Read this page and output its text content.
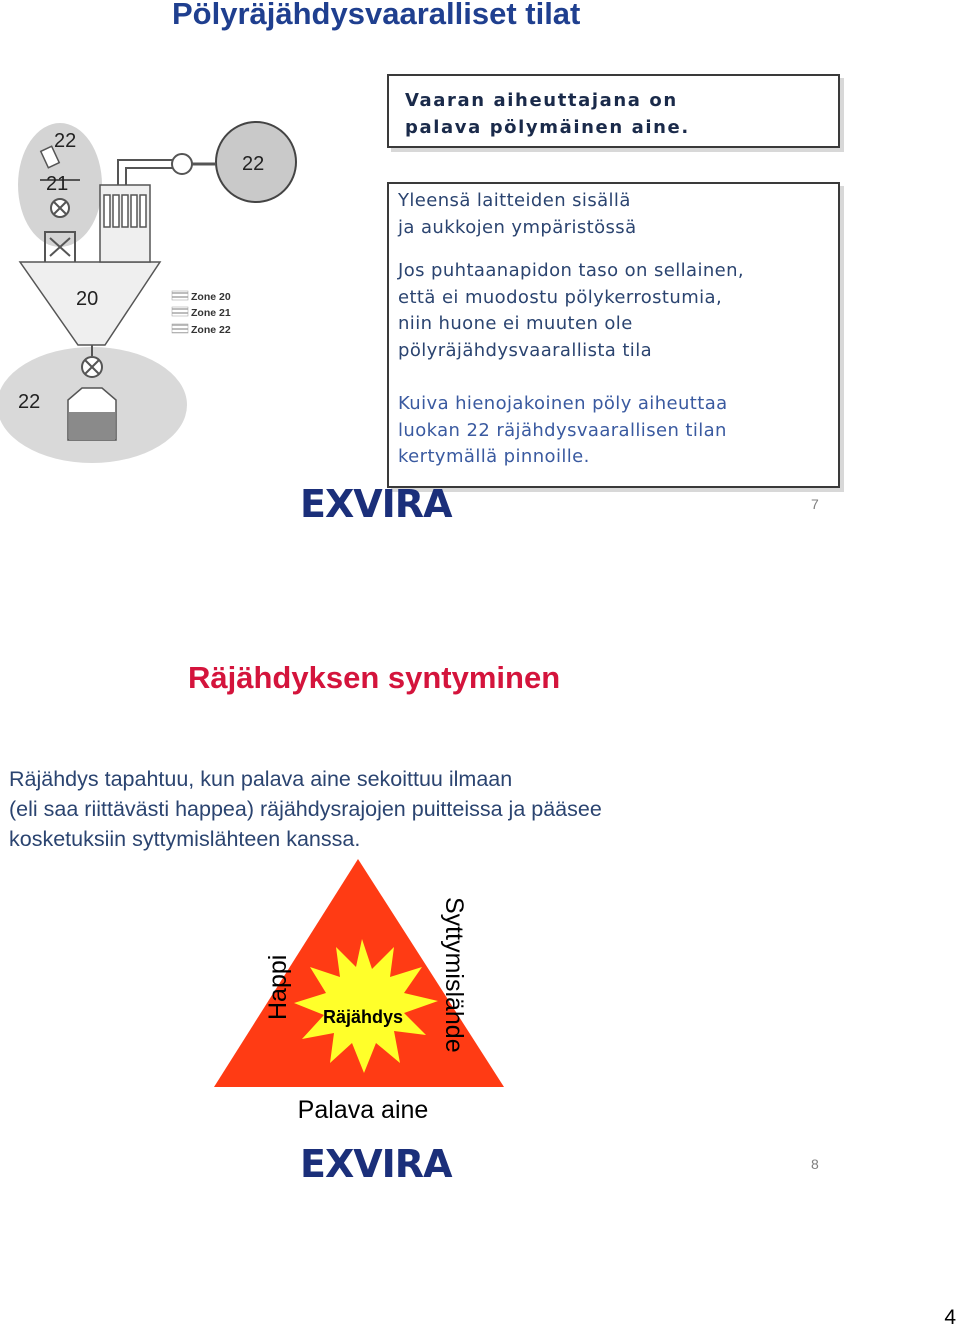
Pölyräjähdysvaaralliset tilat
22
21
22
20
22
Zone 20
Zone 21
Zone 22
Vaaran aiheuttajana on
palava pölymäinen aine.
Yleensä laitteiden sisällä
ja aukkojen ympäristössä
Jos puhtaanapidon taso on sellainen,
että ei muodostu pölykerrostumia,
niin huone ei muuten ole
pölyräjähdysvaarallista tila
Kuiva hienojakoinen pöly aiheuttaa
luokan 22 räjähdysvaarallisen tilan
kertymällä pinnoille.
EXVIRA	7
Räjähdyksen syntyminen
Räjähdys tapahtuu, kun palava aine sekoittuu ilmaan
(eli saa riittävästi happea) räjähdysrajojen puitteissa ja pääsee
kosketuksiin syttymislähteen kanssa.
Räjähdys
Happi	Syttymislähde
Palava aine
EXVIRA	8
4
